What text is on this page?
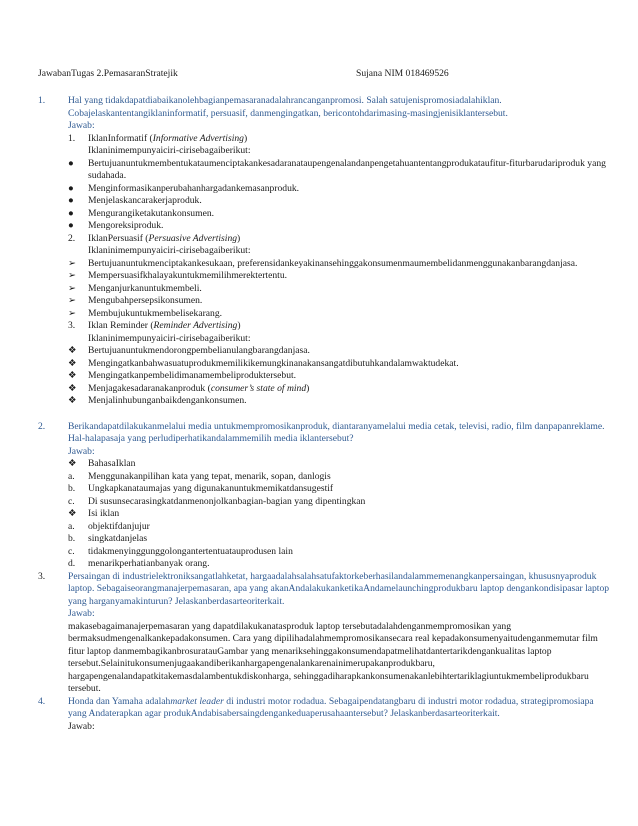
JawabanTugas 2.PemasaranStratejik	Sujana NIM 018469526
1.	Hal yang tidakdapatdiabaikanolehbagianpemasaranadalahrancanganpromosi. Salah satujenispromosiadalahiklan. Cobajelaskantentangiklaninformatif, persuasif, danmengingatkan, bericontohdarimasing-masingjenisiklantersebut.
Jawab:
1.	IklanInformatif (Informative Advertising)
Iklaninimempunyaiciri-cirisebagaiberikut:
●	Bertujuanuntukmembentukataumenciptakankesadaranataupengenalandanpengetahuantentangprodukataufitur-fiturbarudariproduk yang sudahada.
●	Menginformasikanperubahanhargadankemasanproduk.
●	Menjelaskancarakerjaproduk.
●	Mengurangiketakutankonsumen.
●	Mengoreksiproduk.
2.	IklanPersuasif (Persuasive Advertising)
Iklaninimempunyaiciri-cirisebagaiberikut:
➢	Bertujuanuntukmenciptakankesukaan, preferensidankeyakinansehinggakonsumenmaumembelidanmenggunakanbarangdanjasa.
➢	Mempersuasifkhalayakuntukmemilihmerektertentu.
➢	Menganjurkanuntukmembeli.
➢	Mengubahpersepsikonsumen.
➢	Membujukuntukmembelisekarang.
3.	Iklan Reminder (Reminder Advertising)
Iklaninimempunyaiciri-cirisebagaiberikut:
❖	Bertujuanuntukmendorongpembelianulangbarangdanjasa.
❖	Mengingatkanbahwasuatuprodukmemilikikemungkinanakansangatdibutuhkandalamwaktudekat.
❖	Mengingatkanpembelidimanamembeliproduktersebut.
❖	Menjagakesadaranakanproduk (consumer’s state of mind)
❖	Menjalinhubunganbaikdengankonsumen.
2.	Berikandapatdilakukanmelalui media untukmempromosikanproduk, diantaranyamelalui media cetak, televisi, radio, film danpapanreklame. Hal-halapasaja yang perludiperhatikandalammemilih media iklantersebut?
Jawab:
❖	BahasaIklan
a.	Menggunakanpilihan kata yang tepat, menarik, sopan, danlogis
b.	Ungkapkanataumajas yang digunakanuntukmemikatdansugestif
c.	Di susunsecarasingkatdanmenonjolkanbagian-bagian yang dipentingkan
❖	Isi iklan
a.	objektifdanjujur
b.	singkatdanjelas
c.	tidakmenyinggunggolongantertentuatauprodusen lain
d.	menarikperhatianbanyak orang.
3.	Persaingan di industrielektroniksangatlahketat, hargaadalahsalahsatufaktorkeberhasilandalammemenangkanpersaingan, khususnyaproduk laptop. Sebagaiseorangmanajerpemasaran, apa yang akanAndalakukanketikaAndamelaunchingprodukbaru laptop dengankondisipasar laptop yang harganyamakinturun? Jelaskanberdasarteoriterkait.
Jawab:
makasebagaimanajerpemasaran yang dapatdilakukanatasproduk laptop tersebutadalahdenganmempromosikan yang bermaksudmengenalkankepadakonsumen. Cara yang dipilihadalahmempromosikansecara real kepadakonsumenyaitudenganmemutar film fitur laptop danmembagikanbrosuratauGambar yang menariksehinggakonsumendapatmelihatdantertarikdengankualitas laptop tersebut.Selainitukonsumenjugaakandiberikanhargapengenalankarenainimerupakanprodukbaru, hargapengenalandapatkitakemasdalambentukdiskonharga, sehinggadiharapkankonsumenakanlebihtertariklagiuntukmembeliprodukbaru tersebut.
4.	Honda dan Yamaha adalahmarket leader di industri motor rodadua. Sebagaipendatangbaru di industri motor rodadua, strategipromosiapa yang Andaterapkan agar produkAndabisabersaingdengankeduaperusahaantersebut? Jelaskanberdasarteoriterkait.
Jawab:
